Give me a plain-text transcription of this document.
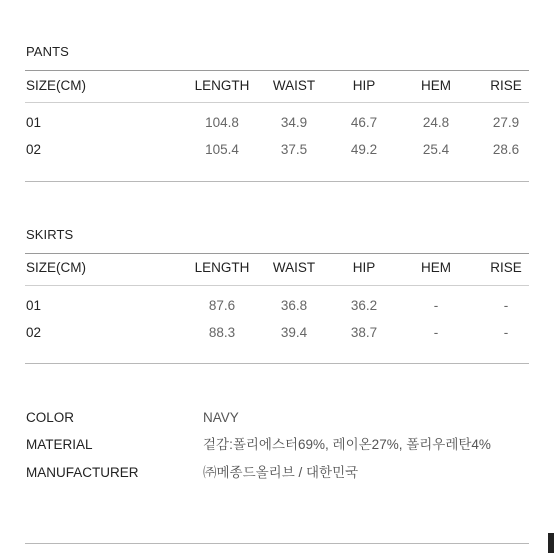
PANTS
SIZE(CM)	LENGTH	WAIST	HIP	HEM	RISE
01	104.8	34.9	46.7	24.8	27.9
02	105.4	37.5	49.2	25.4	28.6
SKIRTS
SIZE(CM)	LENGTH	WAIST	HIP	HEM	RISE
01	87.6	36.8	36.2	-	-
02	88.3	39.4	38.7	-	-
COLOR	NAVY
MATERIAL	겉감:폴리에스터69%, 레이온27%, 폴리우레탄4%
MANUFACTURER	㈜메종드올리브 / 대한민국
